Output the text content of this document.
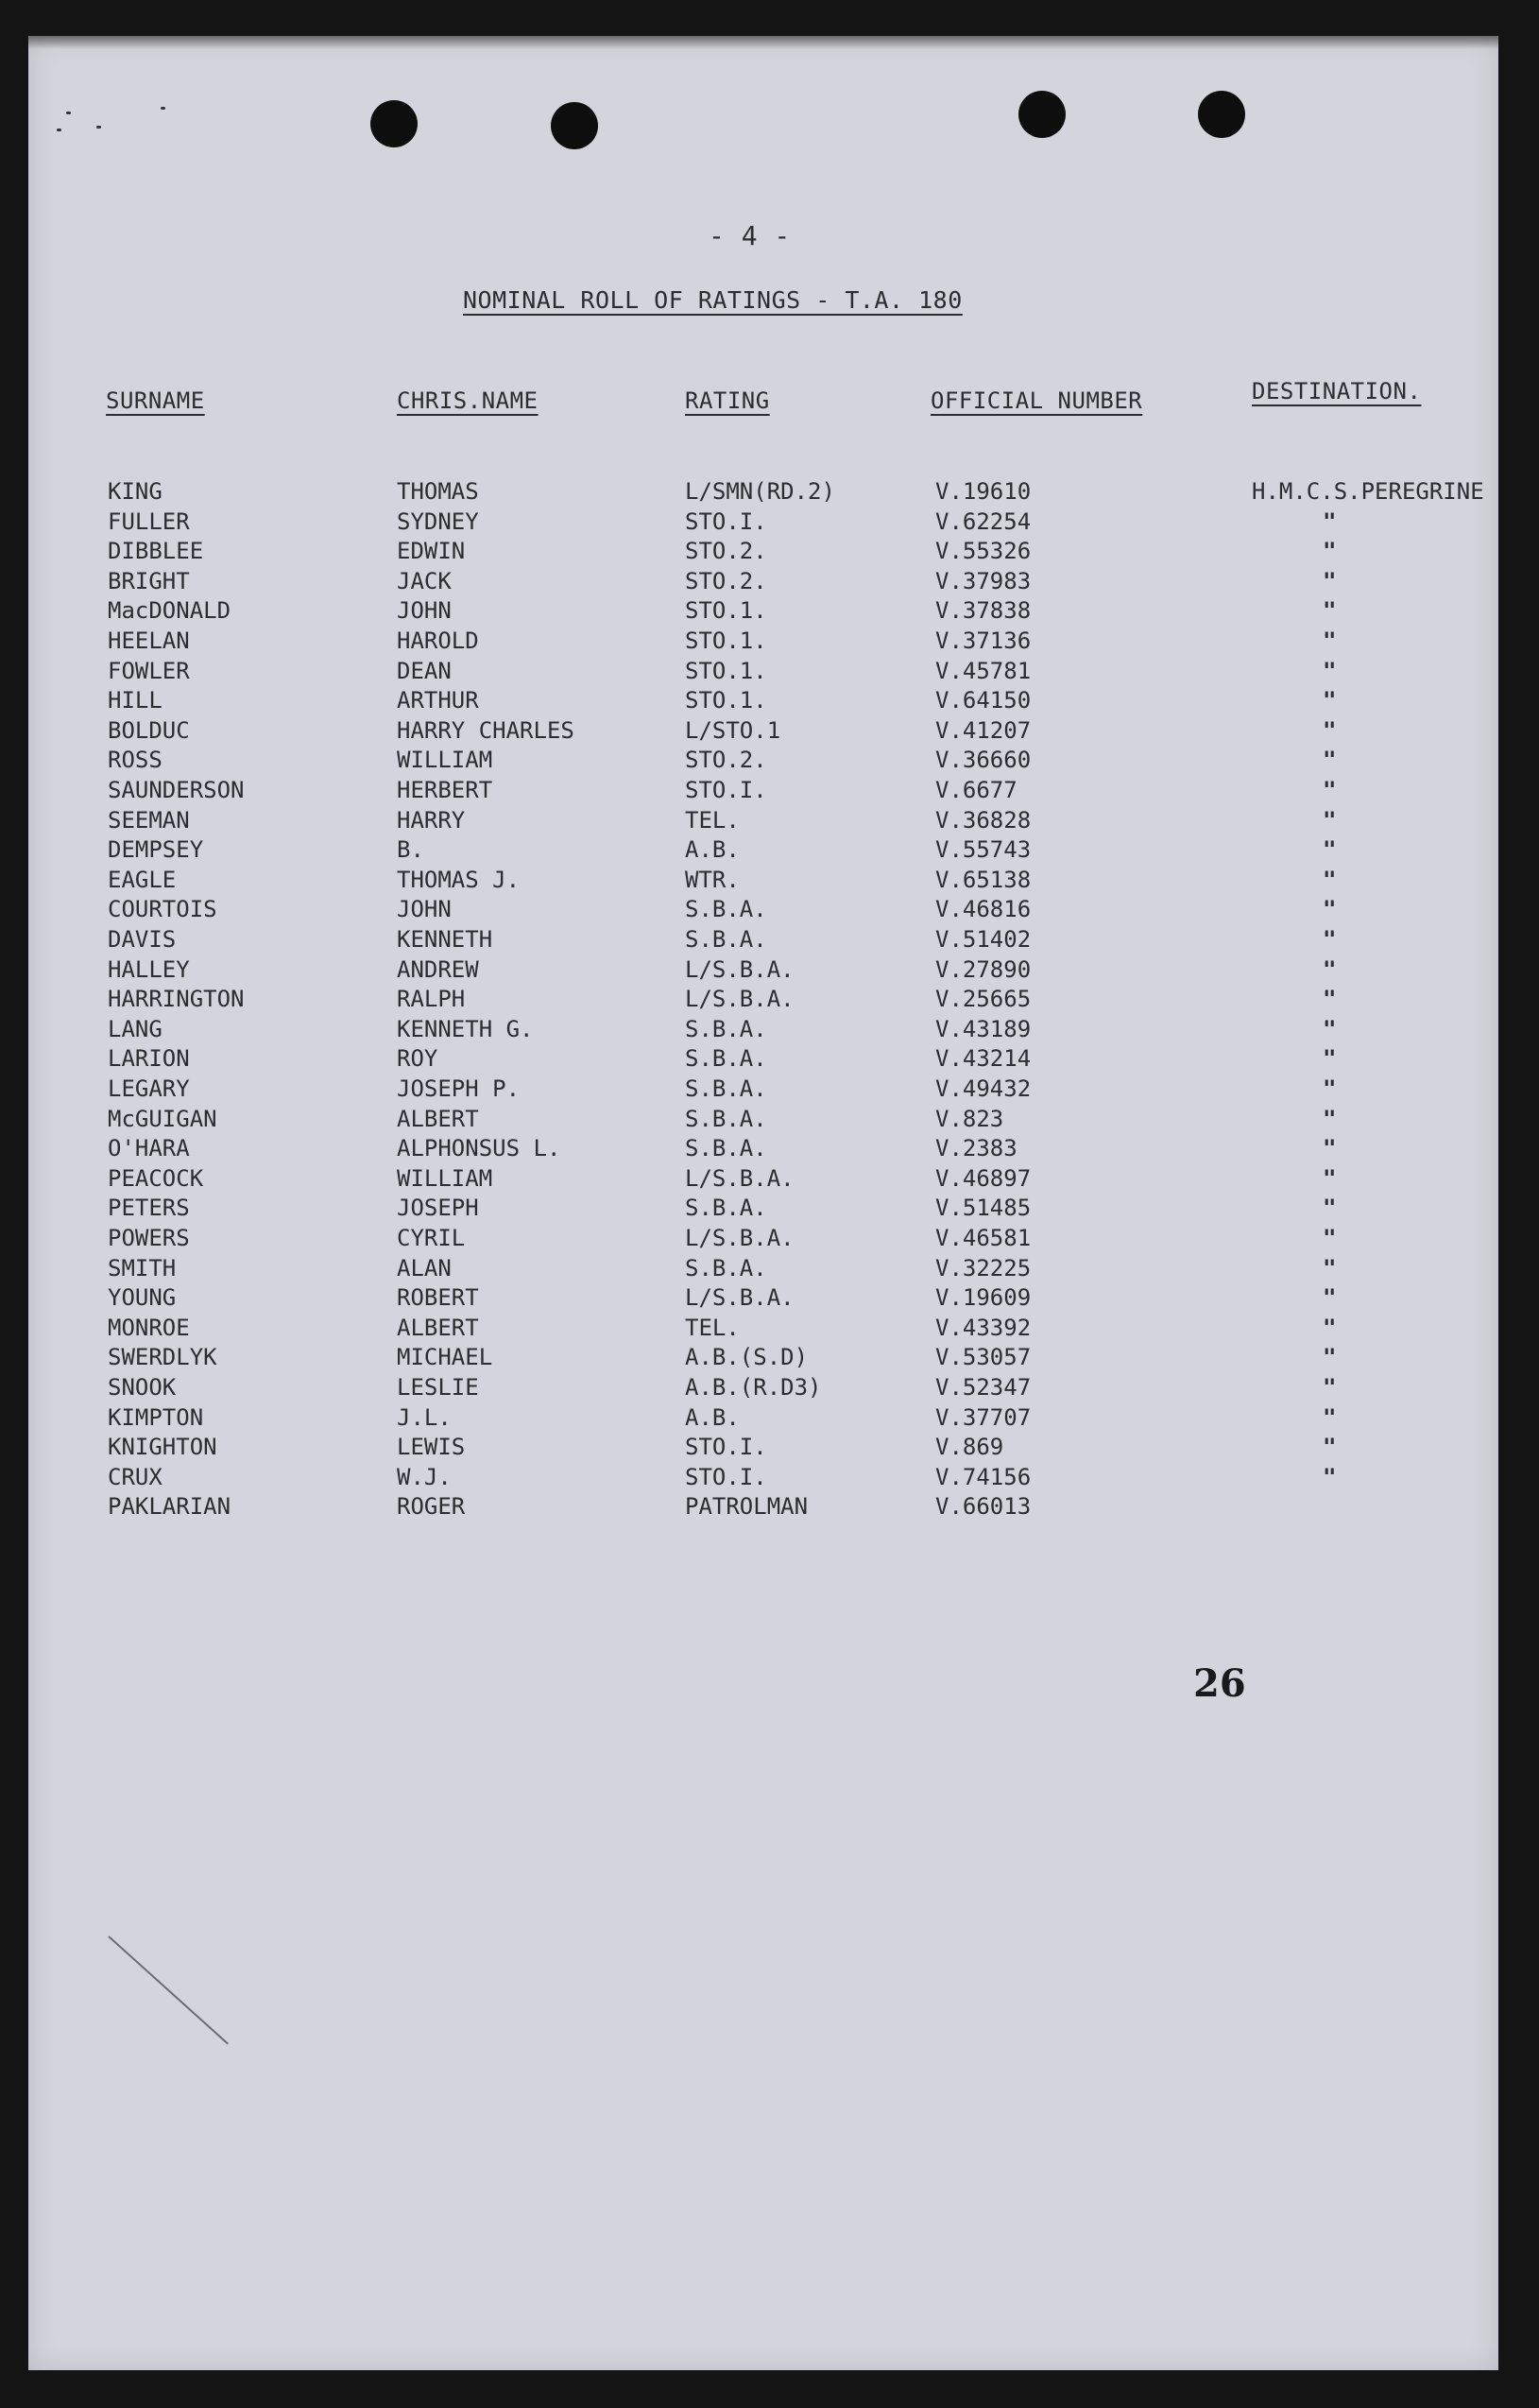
- 4 -
NOMINAL ROLL OF RATINGS - T.A. 180
SURNAME	CHRIS.NAME	RATING	OFFICIAL NUMBER	DESTINATION.
KING	THOMAS	L/SMN(RD.2)	V.19610	H.M.C.S.PEREGRINE
FULLER	SYDNEY	STO.I.	V.62254	"
DIBBLEE	EDWIN	STO.2.	V.55326	"
BRIGHT	JACK	STO.2.	V.37983	"
MacDONALD	JOHN	STO.1.	V.37838	"
HEELAN	HAROLD	STO.1.	V.37136	"
FOWLER	DEAN	STO.1.	V.45781	"
HILL	ARTHUR	STO.1.	V.64150	"
BOLDUC	HARRY CHARLES	L/STO.1	V.41207	"
ROSS	WILLIAM	STO.2.	V.36660	"
SAUNDERSON	HERBERT	STO.I.	V.6677	"
SEEMAN	HARRY	TEL.	V.36828	"
DEMPSEY	B.	A.B.	V.55743	"
EAGLE	THOMAS J.	WTR.	V.65138	"
COURTOIS	JOHN	S.B.A.	V.46816	"
DAVIS	KENNETH	S.B.A.	V.51402	"
HALLEY	ANDREW	L/S.B.A.	V.27890	"
HARRINGTON	RALPH	L/S.B.A.	V.25665	"
LANG	KENNETH G.	S.B.A.	V.43189	"
LARION	ROY	S.B.A.	V.43214	"
LEGARY	JOSEPH P.	S.B.A.	V.49432	"
McGUIGAN	ALBERT	S.B.A.	V.823	"
O'HARA	ALPHONSUS L.	S.B.A.	V.2383	"
PEACOCK	WILLIAM	L/S.B.A.	V.46897	"
PETERS	JOSEPH	S.B.A.	V.51485	"
POWERS	CYRIL	L/S.B.A.	V.46581	"
SMITH	ALAN	S.B.A.	V.32225	"
YOUNG	ROBERT	L/S.B.A.	V.19609	"
MONROE	ALBERT	TEL.	V.43392	"
SWERDLYK	MICHAEL	A.B.(S.D)	V.53057	"
SNOOK	LESLIE	A.B.(R.D3)	V.52347	"
KIMPTON	J.L.	A.B.	V.37707	"
KNIGHTON	LEWIS	STO.I.	V.869	"
CRUX	W.J.	STO.I.	V.74156	"
PAKLARIAN	ROGER	PATROLMAN	V.66013
26
